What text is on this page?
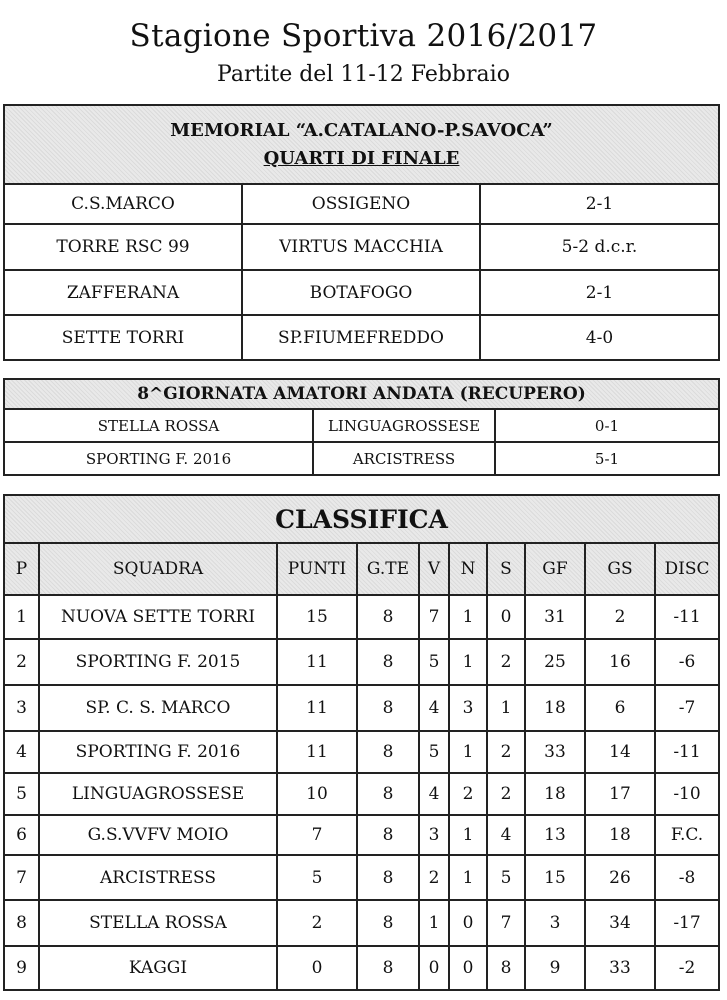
Stagione Sportiva 2016/2017
Partite del 11-12 Febbraio
MEMORIAL “A.CATALANO-P.SAVOCA”
QUARTI DI FINALE		

C.S.MARCO	OSSIGENO	2-1
TORRE RSC 99	VIRTUS MACCHIA	5-2 d.c.r.
ZAFFERANA	BOTAFOGO	2-1
SETTE TORRI	SP.FIUMEFREDDO	4-0
8^GIORNATA AMATORI ANDATA (RECUPERO)		
STELLA ROSSA	LINGUAGROSSESE	0-1
SPORTING F. 2016	ARCISTRESS	5-1
CLASSIFICA									
P	SQUADRA	PUNTI	G.TE	V	N	S	GF	GS	DISC
1	NUOVA SETTE TORRI	15	8	7	1	0	31	2	-11
2	SPORTING F. 2015	11	8	5	1	2	25	16	-6
3	SP. C. S. MARCO	11	8	4	3	1	18	6	-7
4	SPORTING F. 2016	11	8	5	1	2	33	14	-11
5	LINGUAGROSSESE	10	8	4	2	2	18	17	-10
6	G.S.VVFV MOIO	7	8	3	1	4	13	18	F.C.
7	ARCISTRESS	5	8	2	1	5	15	26	-8
8	STELLA ROSSA	2	8	1	0	7	3	34	-17
9	KAGGI	0	8	0	0	8	9	33	-2
